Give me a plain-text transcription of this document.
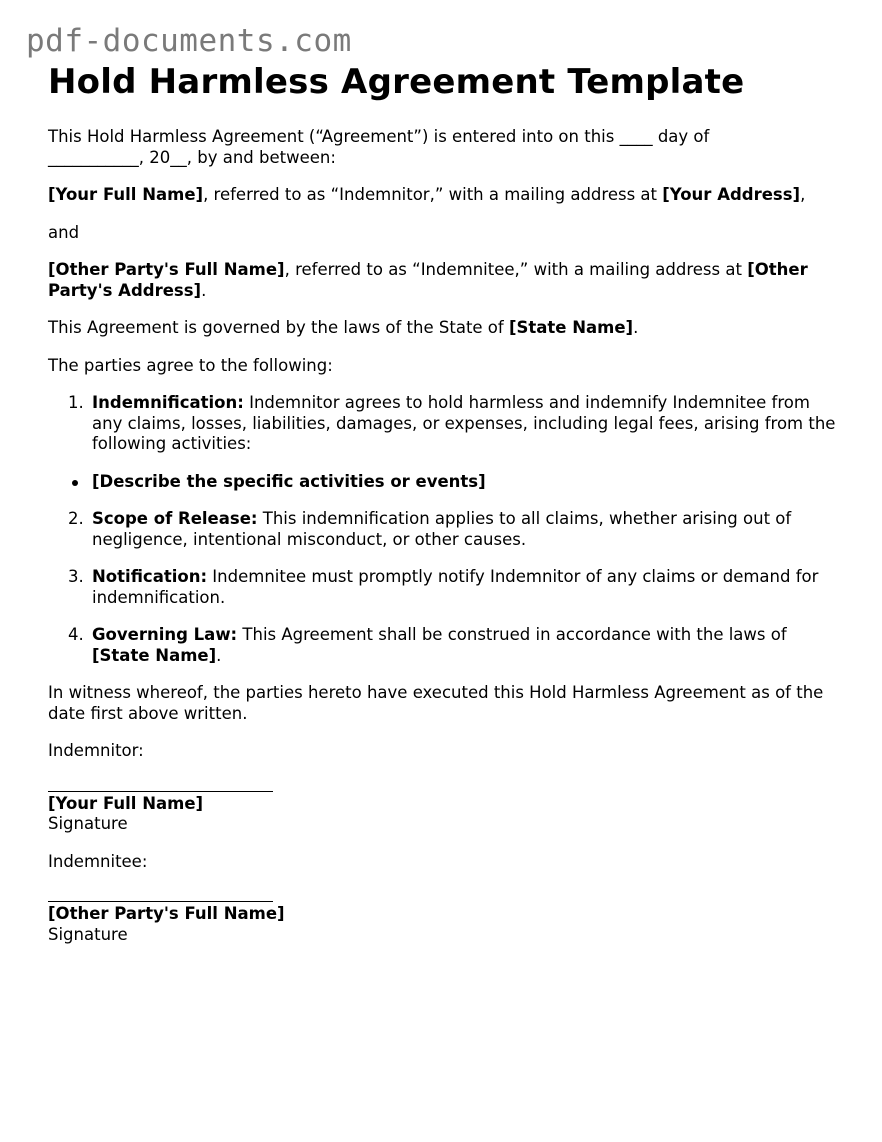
pdf-documents.com
Hold Harmless Agreement Template

This Hold Harmless Agreement (“Agreement”) is entered into on this ____ day of
___________, 20__, by and between:

[Your Full Name], referred to as “Indemnitor,” with a mailing address at [Your Address],

and

[Other Party's Full Name], referred to as “Indemnitee,” with a mailing address at [Other Party's Address].

This Agreement is governed by the laws of the State of [State Name].

The parties agree to the following:

1. Indemnification: Indemnitor agrees to hold harmless and indemnify Indemnitee from any claims, losses, liabilities, damages, or expenses, including legal fees, arising from the following activities:
[Describe the specific activities or events]
2. Scope of Release: This indemnification applies to all claims, whether arising out of negligence, intentional misconduct, or other causes.
3. Notification: Indemnitee must promptly notify Indemnitor of any claims or demand for indemnification.
4. Governing Law: This Agreement shall be construed in accordance with the laws of [State Name].

In witness whereof, the parties hereto have executed this Hold Harmless Agreement as of the date first above written.

Indemnitor:

[Your Full Name]

Signature

Indemnitee:

[Other Party's Full Name]

Signature
